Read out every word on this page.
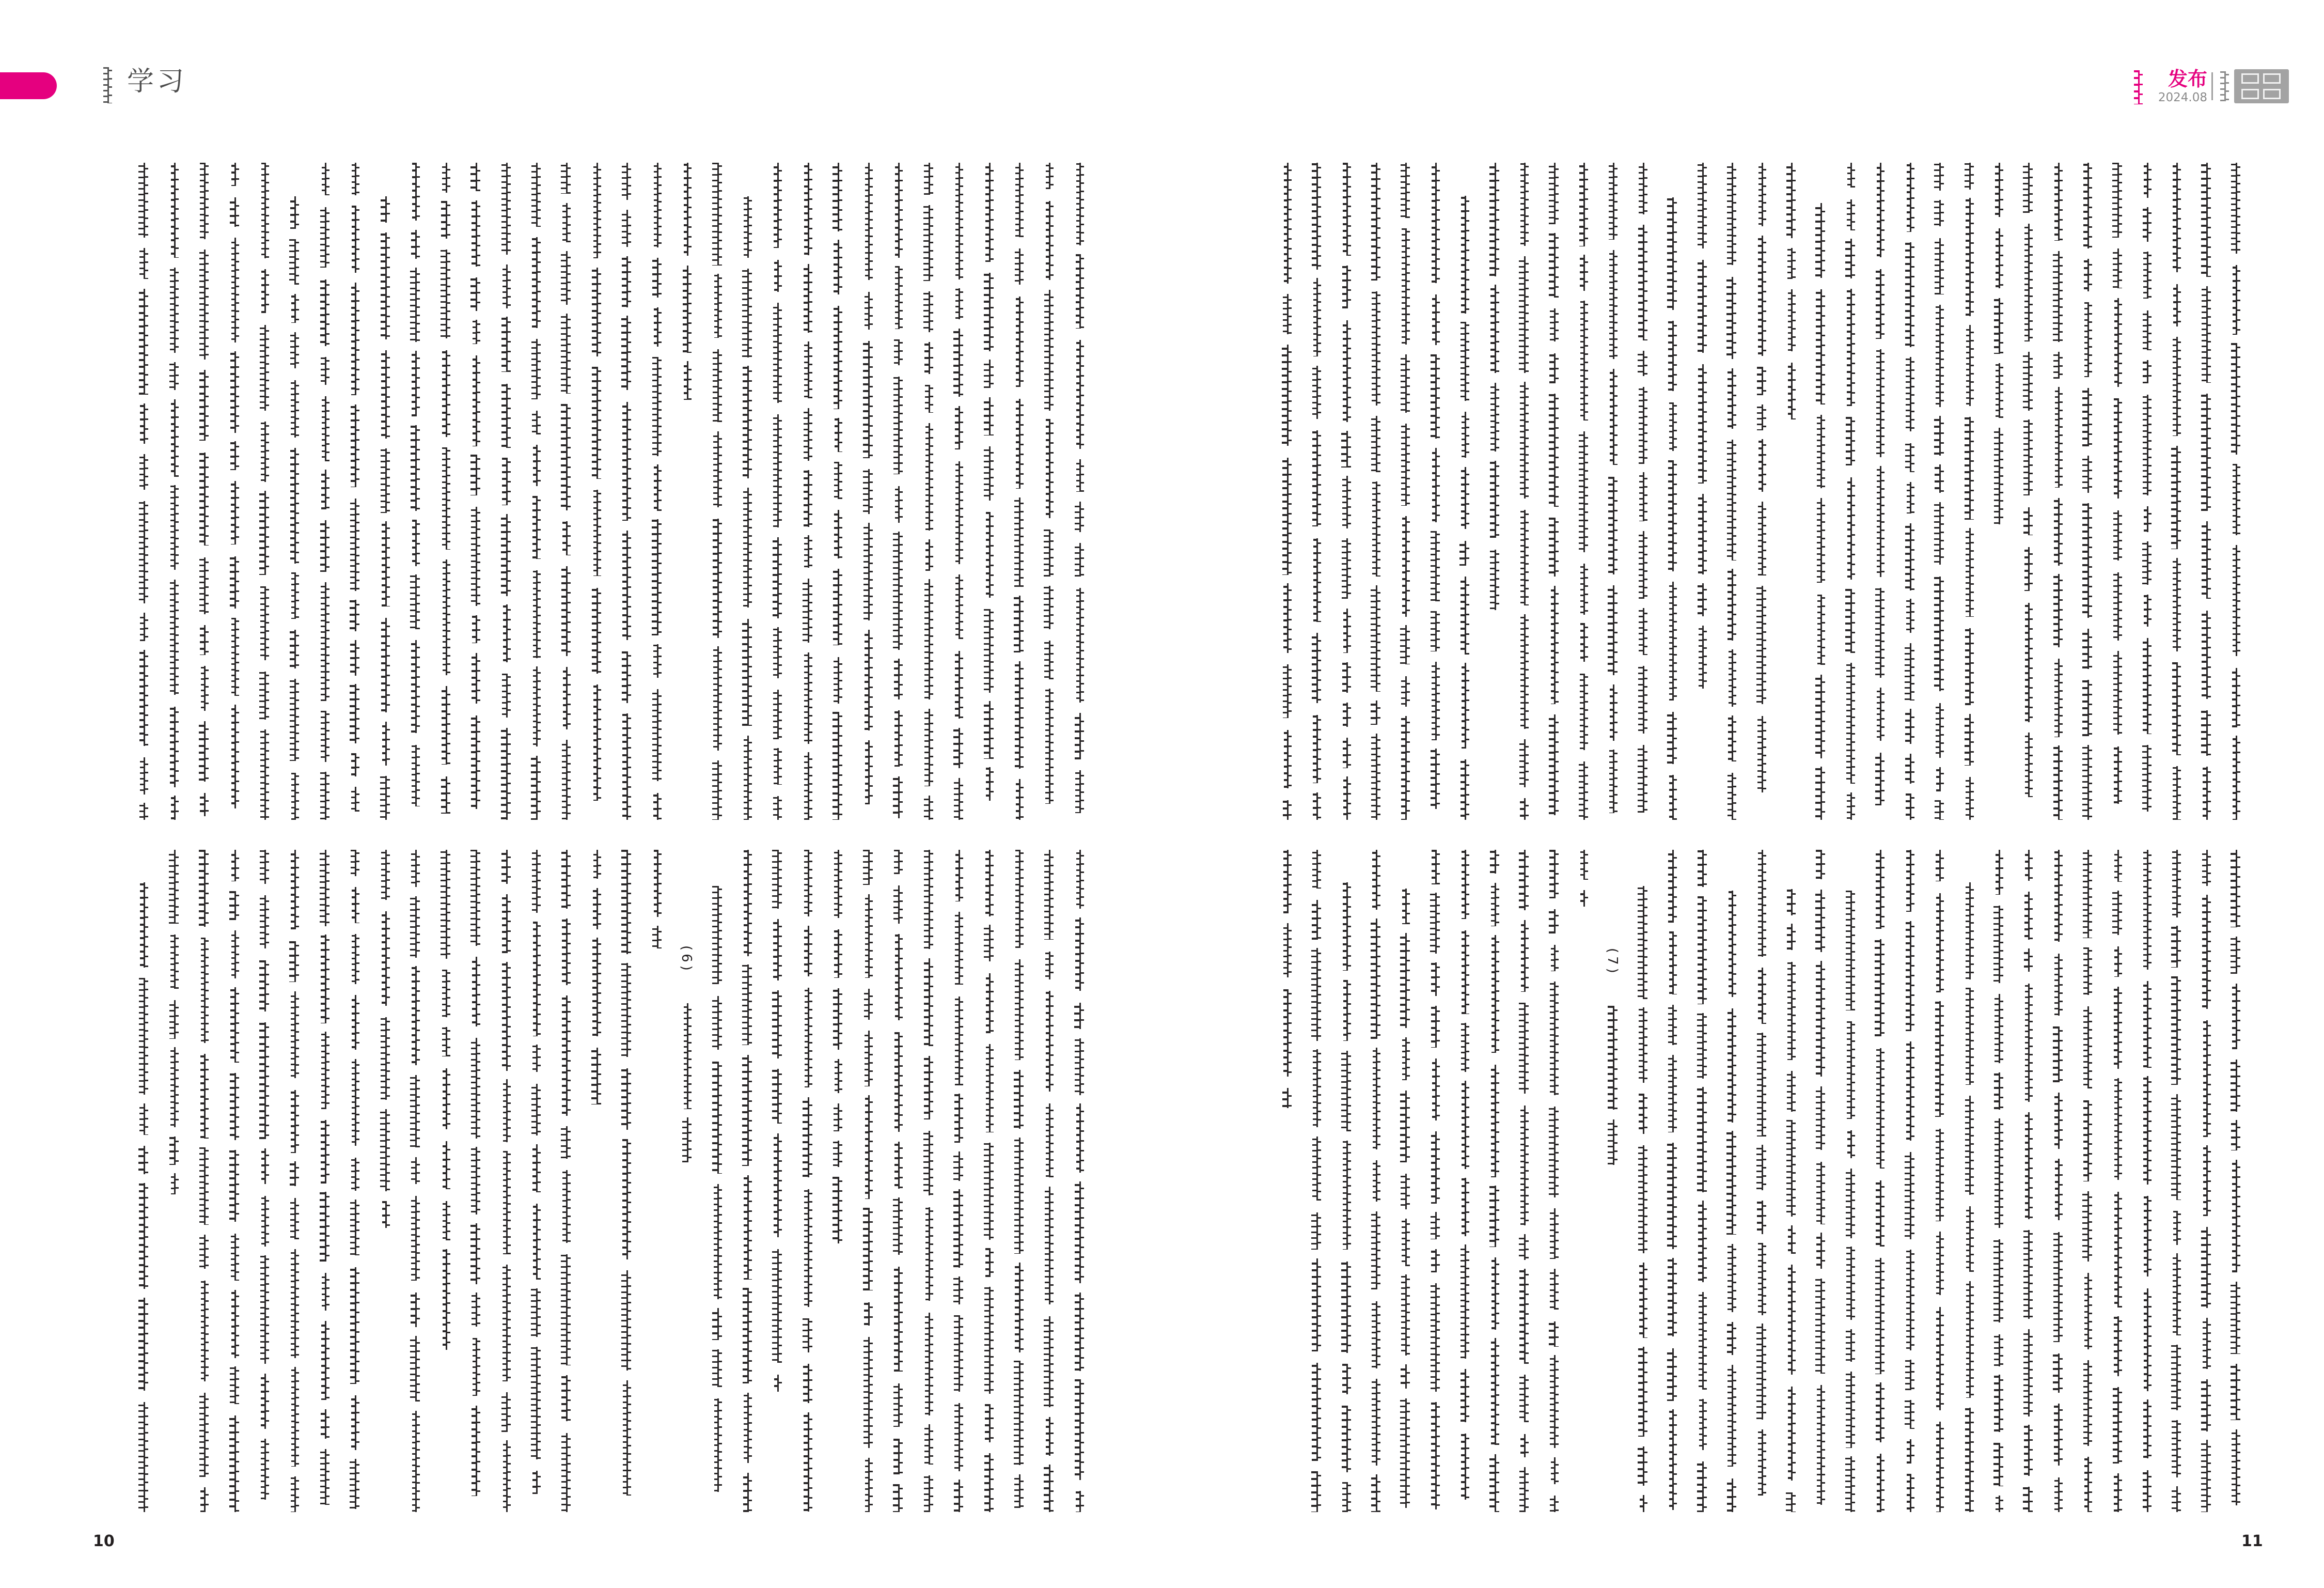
学习	发布
2024.08
(6)	(7)
10	11
